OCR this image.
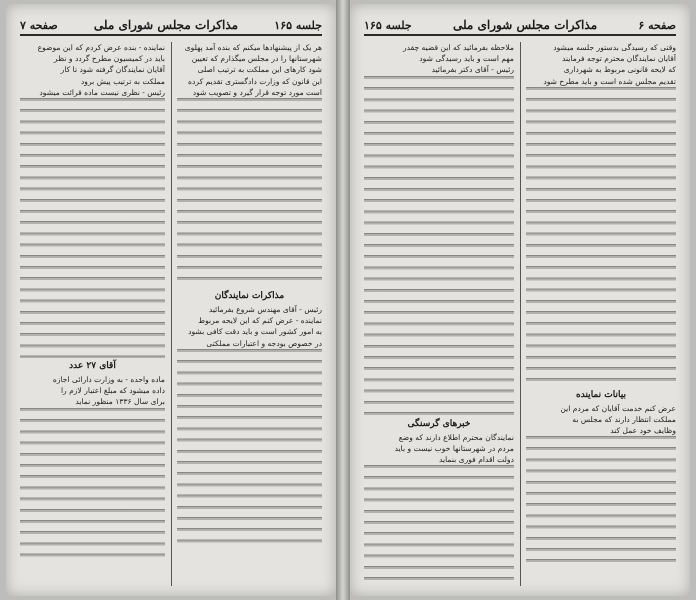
جلسه ۱۶۵
مذاکرات مجلس شورای ملی
صفحه ۷
هر یک از پیشنهادها میکنم که بنده آمد پهلوی
شهرستانها را در مجلس میگذارم که تعیین
شود کارهای این مملکت به ترتیب اصلی
این قانون که وزارت دادگستری تقدیم کرده
است مورد توجه قرار گیرد و تصویب شود
مذاکرات نمایندگان
رئیس - آقای مهندس شروع بفرمائید
نماینده - عرض کنم که این لایحه مربوط
به امور کشور است و باید دقت کافی بشود
در خصوص بودجه و اعتبارات مملکتی
نماینده - بنده عرض کردم که این موضوع
باید در کمیسیون مطرح گردد و نظر
آقایان نمایندگان گرفته شود تا کار
مملکت به ترتیب پیش برود
رئیس - نظری نیست ماده قرائت میشود
آقای ۲۷ عدد
ماده واحده - به وزارت دارائی اجازه
داده میشود که مبلغ اعتبار لازم را
برای سال ۱۳۳۶ منظور نماید
صفحه ۶
مذاکرات مجلس شورای ملی
جلسه ۱۶۵
وقتی که رسیدگی بدستور جلسه میشود
آقایان نمایندگان محترم توجه فرمایند
که لایحه قانونی مربوط به شهرداری
تقدیم مجلس شده است و باید مطرح شود
بیانات نماینده
عرض کنم خدمت آقایان که مردم این
مملکت انتظار دارند که مجلس به
وظایف خود عمل کند
ملاحظه بفرمائید که این قضیه چقدر
مهم است و باید رسیدگی شود
رئیس - آقای دکتر بفرمائید
خبرهای گرسنگی
نمایندگان محترم اطلاع دارند که وضع
مردم در شهرستانها خوب نیست و باید
دولت اقدام فوری بنماید
